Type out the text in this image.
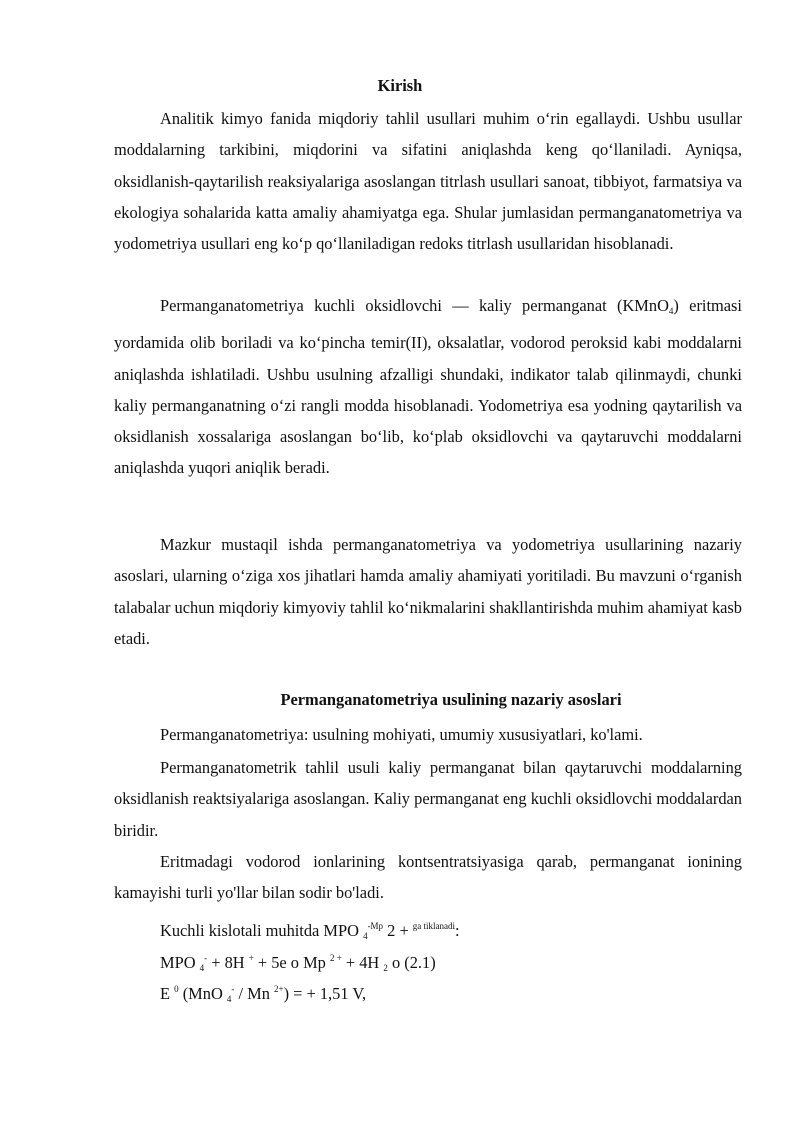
Kirish

Analitik kimyo fanida miqdoriy tahlil usullari muhim o‘rin egallaydi. Ushbu usullar moddalarning tarkibini, miqdorini va sifatini aniqlashda keng qo‘llaniladi. Ayniqsa, oksidlanish-qaytarilish reaksiyalariga asoslangan titrlash usullari sanoat, tibbiyot, farmatsiya va ekologiya sohalarida katta amaliy ahamiyatga ega. Shular jumlasidan permanganatometriya va yodometriya usullari eng ko‘p qo‘llaniladigan redoks titrlash usullaridan hisoblanadi.

Permanganatometriya kuchli oksidlovchi — kaliy permanganat (KMnO$_4$) eritmasi yordamida olib boriladi va ko‘pincha temir(II), oksalatlar, vodorod peroksid kabi moddalarni aniqlashda ishlatiladi. Ushbu usulning afzalligi shundaki, indikator talab qilinmaydi, chunki kaliy permanganatning o‘zi rangli modda hisoblanadi. Yodometriya esa yodning qaytarilish va oksidlanish xossalariga asoslangan bo‘lib, ko‘plab oksidlovchi va qaytaruvchi moddalarni aniqlashda yuqori aniqlik beradi.

Mazkur mustaqil ishda permanganatometriya va yodometriya usullarining nazariy asoslari, ularning o‘ziga xos jihatlari hamda amaliy ahamiyati yoritiladi. Bu mavzuni o‘rganish talabalar uchun miqdoriy kimyoviy tahlil ko‘nikmalarini shakllantirishda muhim ahamiyat kasb etadi.

Permanganatometriya usulining nazariy asoslari
Permanganatometriya: usulning mohiyati, umumiy xususiyatlari, ko'lami.

Permanganatometrik tahlil usuli kaliy permanganat bilan qaytaruvchi moddalarning oksidlanish reaktsiyalariga asoslangan. Kaliy permanganat eng kuchli oksidlovchi moddalardan biridir.

Eritmadagi vodorod ionlarining kontsentratsiyasiga qarab, permanganat ionining kamayishi turli yo'llar bilan sodir bo'ladi.

Kuchli kislotali muhitda MPO $_4^{-Mp}$ 2 + $^{ga tiklanadi}$:
MPO $_4$- + 8H + + 5e o Mp $^{2 +}$ + 4H $_2$ o (2.1)
E $^0$ (MnO $_4$- / Mn $^{2+}$) = + 1,51 V,
